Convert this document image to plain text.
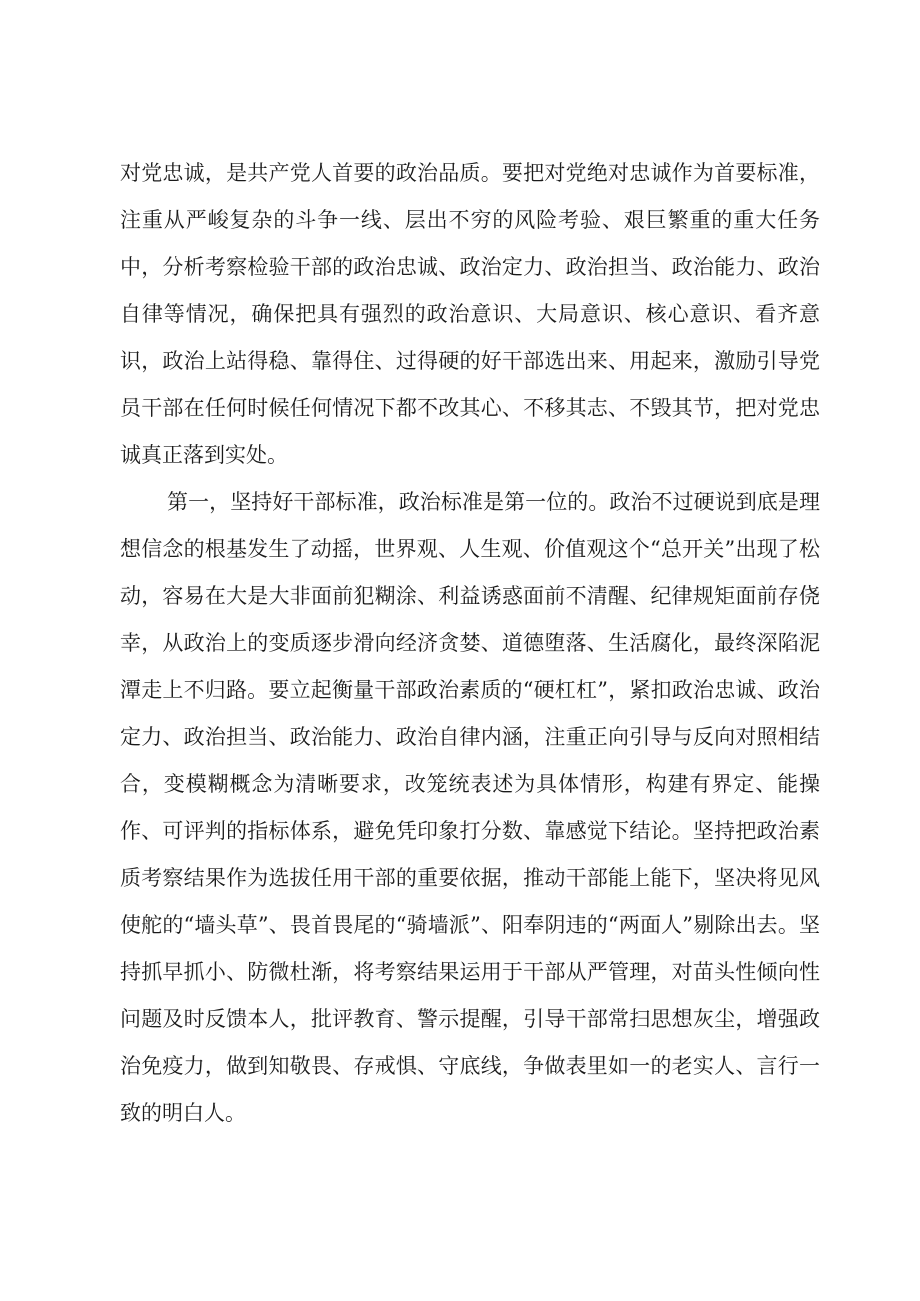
对党忠诚，是共产党人首要的政治品质。要把对党绝对忠诚作为首要标准，注重从严峻复杂的斗争一线、层出不穷的风险考验、艰巨繁重的重大任务中，分析考察检验干部的政治忠诚、政治定力、政治担当、政治能力、政治自律等情况，确保把具有强烈的政治意识、大局意识、核心意识、看齐意识，政治上站得稳、靠得住、过得硬的好干部选出来、用起来，激励引导党员干部在任何时候任何情况下都不改其心、不移其志、不毁其节，把对党忠诚真正落到实处。

第一，坚持好干部标准，政治标准是第一位的。政治不过硬说到底是理想信念的根基发生了动摇，世界观、人生观、价值观这个“总开关”出现了松动，容易在大是大非面前犯糊涂、利益诱惑面前不清醒、纪律规矩面前存侥幸，从政治上的变质逐步滑向经济贪婪、道德堕落、生活腐化，最终深陷泥潭走上不归路。要立起衡量干部政治素质的“硬杠杠”，紧扣政治忠诚、政治定力、政治担当、政治能力、政治自律内涵，注重正向引导与反向对照相结合，变模糊概念为清晰要求，改笼统表述为具体情形，构建有界定、能操作、可评判的指标体系，避免凭印象打分数、靠感觉下结论。坚持把政治素质考察结果作为选拔任用干部的重要依据，推动干部能上能下，坚决将见风使舵的“墙头草”、畏首畏尾的“骑墙派”、阳奉阴违的“两面人”剔除出去。坚持抓早抓小、防微杜渐，将考察结果运用于干部从严管理，对苗头性倾向性问题及时反馈本人，批评教育、警示提醒，引导干部常扫思想灰尘，增强政治免疫力，做到知敬畏、存戒惧、守底线，争做表里如一的老实人、言行一致的明白人。
